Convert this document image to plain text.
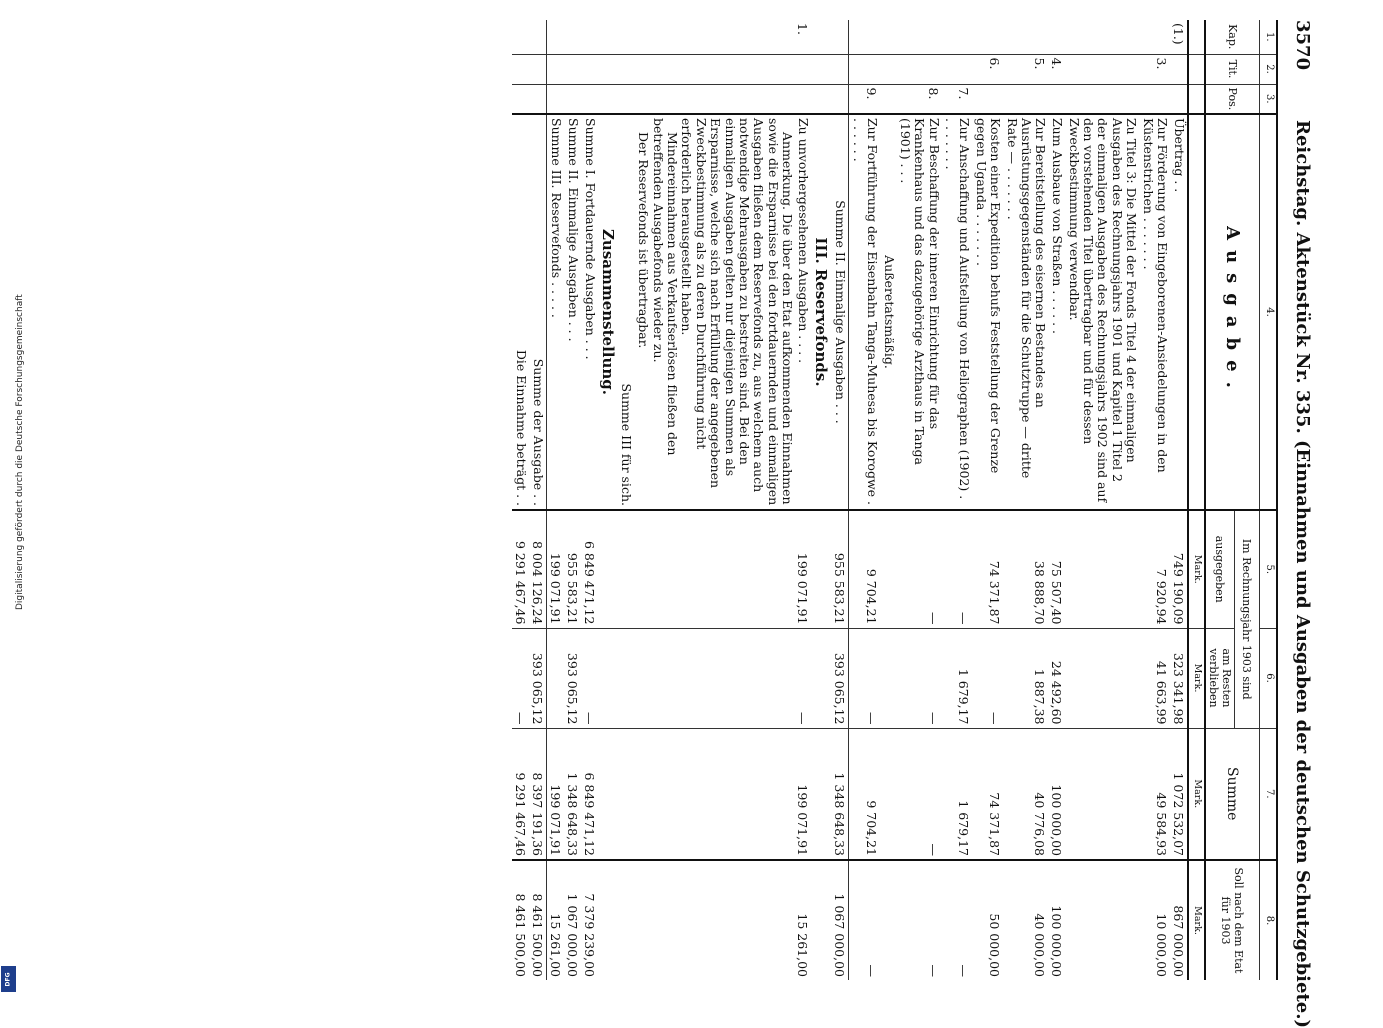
Digitalisierung gefördert durch die Deutsche Forschungsgemeinschaft
DFG
3570
Reichstag. Aktenstück Nr. 335. (Einnahmen und Ausgaben der deutschen Schutzgebiete.)
1.	2.	3.	4.	5.	6.	7.	8.
Kap.	Tit.	Pos.	Ausgabe.	Im Rechnungsjahr 1903 sind		Summe	Soll nach dem Etat für 1903
				ausgegeben	am Resten verblieben		
				Mark.	Mark.	Mark.	Mark.
(1.)			Übertrag . .	749 190,09	323 341,98	1 072 532,07	867 000,00
	3.		Zur Förderung von Eingeborenen-Ansiedelungen in den Küstenstrichen . . . . . . .	7 920,94	41 663,99	49 584,93	10 000,00
			Zu Titel 3: Die Mittel der Fonds Titel 4 der einmaligen Ausgaben des Rechnungsjahrs 1901 und Kapitel 1 Titel 2 der einmaligen Ausgaben des Rechnungsjahrs 1902 sind auf den vorstehenden Titel übertragbar und für dessen Zweckbestimmung verwendbar.				
	4.		Zum Ausbaue von Straßen . . . . . .	75 507,40	24 492,60	100 000,00	100 000,00
	5.		Zur Bereitstellung des eisernen Bestandes an Ausrüstungsgegenständen für die Schutztruppe — dritte Rate — . . . . . . .	38 888,70	1 887,38	40 776,08	40 000,00
	6.		Kosten einer Expedition behufs Feststellung der Grenze gegen Uganda . . . . . . .	74 371,87	—	74 371,87	50 000,00
		7.	Zur Anschaffung und Aufstellung von Heliographen (1902) . . . . . . . .	—	1 679,17	1 679,17	—
		8.	Zur Beschaffung der inneren Einrichtung für das Krankenhaus und das dazugehörige Arzthaus in Tanga (1901) . . .	—	—	—	—
			Außeretatsmäßig.				
		9.	Zur Fortführung der Eisenbahn Tanga-Muhesa bis Korogwe . . . . . . .	9 704,21	—	9 704,21	—
			Summe II. Einmalige Ausgaben . . .	955 583,21	393 065,12	1 348 648,33	1 067 000,00
			III. Reservefonds.				
1.			Zu unvorhergesehenen Ausgaben . . . .
Anmerkung. Die über den Etat aufkommenden Einnahmen sowie die Ersparnisse bei den fortdauernden und einmaligen Ausgaben fließen dem Reservefonds zu, aus welchem auch notwendige Mehrausgaben zu bestreiten sind. Bei den einmaligen Ausgaben gelten nur diejenigen Summen als Ersparnisse, welche sich nach Erfüllung der angegebenen Zweckbestimmung als zu deren Durchführung nicht erforderlich herausgestellt haben.
Mindereinnahmen aus Verkaufserlösen fließen den betreffenden Ausgabefonds wieder zu.
Der Reservefonds ist übertragbar.
Summe III für sich.	199 071,91	—	199 071,91	15 261,00
			Zusammenstellung.				
			Summe I. Fortdauernde Ausgaben . . .	6 849 471,12	—	6 849 471,12	7 379 239,00
			Summe II. Einmalige Ausgaben . . .	955 583,21	393 065,12	1 348 648,33	1 067 000,00
			Summe III. Reservefonds . . . . .	199 071,91		199 071,91	15 261,00
			Summe der Ausgabe . .	8 004 126,24	393 065,12	8 397 191,36	8 461 500,00
			Die Einnahme beträgt . .	9 291 467,46	—	9 291 467,46	8 461 500,00
